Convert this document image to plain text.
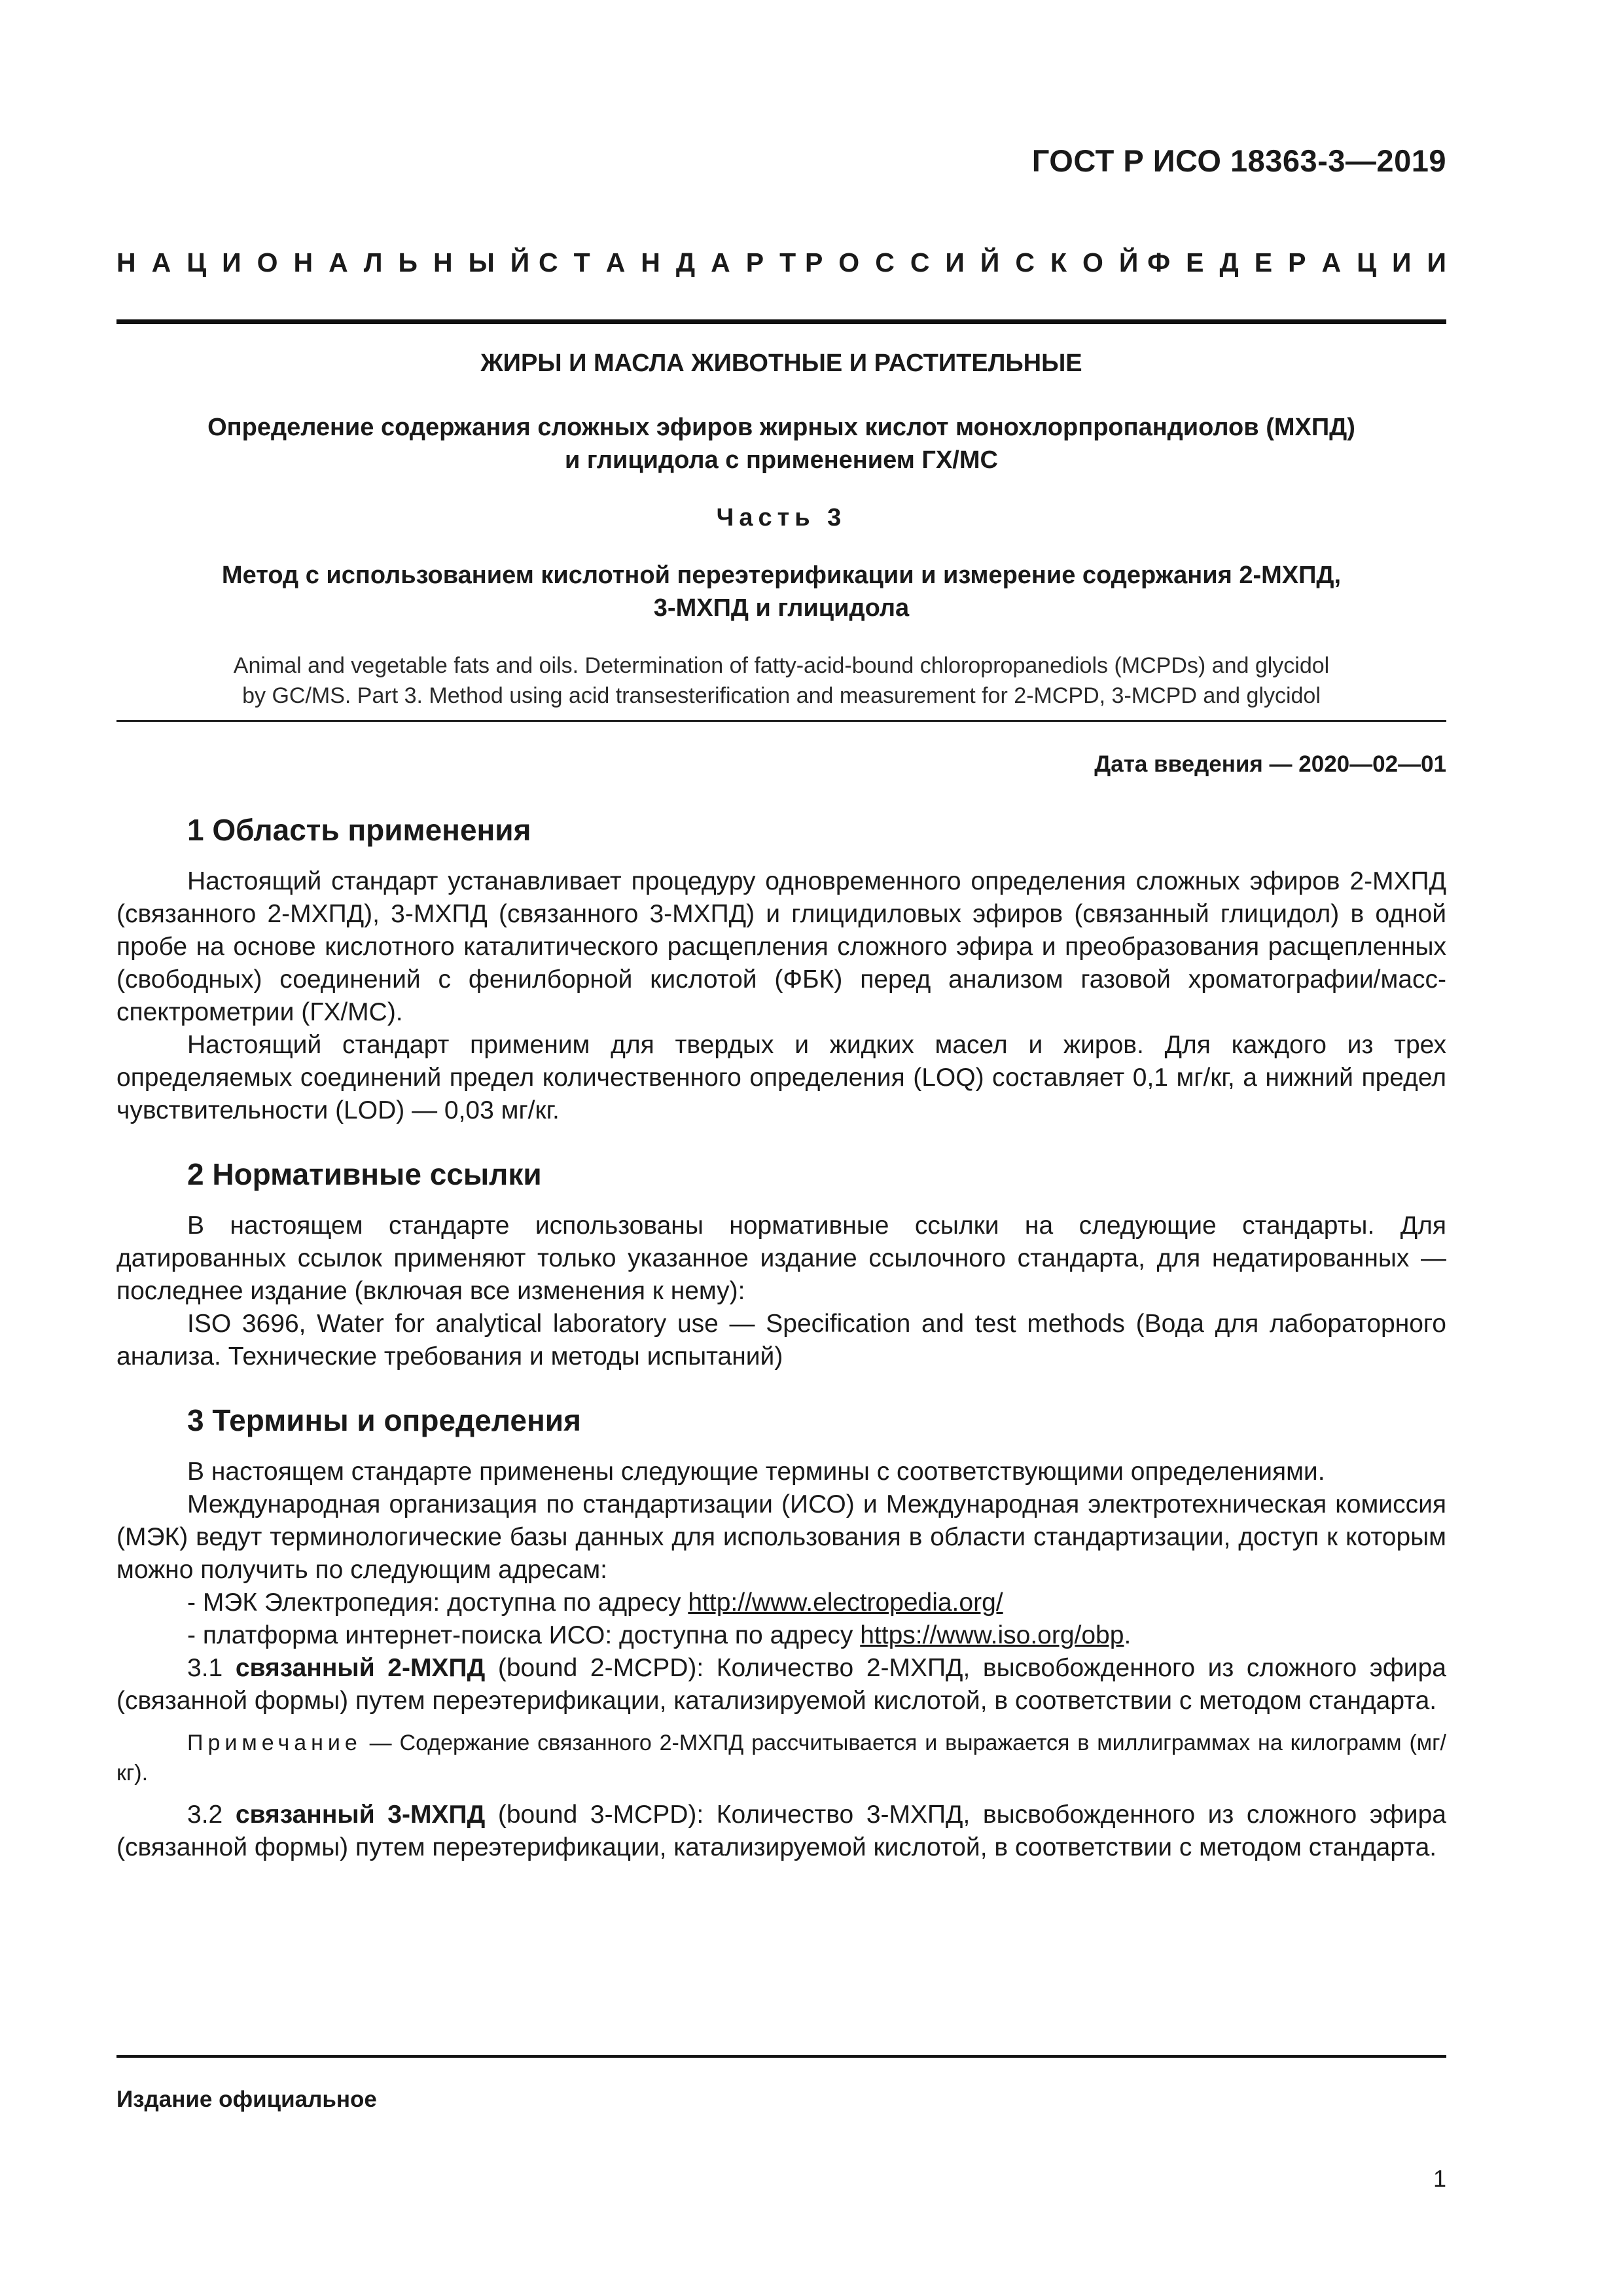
ГОСТ Р ИСО 18363-3—2019
Н А Ц И О Н А Л Ь Н Ы Й С Т А Н Д А Р Т Р О С С И Й С К О Й Ф Е Д Е Р А Ц И И
ЖИРЫ И МАСЛА ЖИВОТНЫЕ И РАСТИТЕЛЬНЫЕ
Определение содержания сложных эфиров жирных кислот монохлорпропандиолов (МХПД)
и глицидола с применением ГХ/МС
Часть 3
Метод с использованием кислотной переэтерификации и измерение содержания 2-МХПД,
3-МХПД и глицидола
Animal and vegetable fats and oils. Determination of fatty-acid-bound chloropropanediols (MCPDs) and glycidol
by GC/MS. Part 3. Method using acid transesterification and measurement for 2-MCPD, 3-MCPD and glycidol
Дата введения — 2020—02—01
1 Область применения

Настоящий стандарт устанавливает процедуру одновременного определения сложных эфиров 2-МХПД (связанного 2-МХПД), 3-МХПД (связанного 3-МХПД) и глицидиловых эфиров (связанный глицидол) в одной пробе на основе кислотного каталитического расщепления сложного эфира и преобразования расщепленных (свободных) соединений с фенилборной кислотой (ФБК) перед анализом газовой хроматографии/масс-спектрометрии (ГХ/МС).

Настоящий стандарт применим для твердых и жидких масел и жиров. Для каждого из трех определяемых соединений предел количественного определения (LOQ) составляет 0,1 мг/кг, а нижний предел чувствительности (LOD) — 0,03 мг/кг.

2 Нормативные ссылки

В настоящем стандарте использованы нормативные ссылки на следующие стандарты. Для датированных ссылок применяют только указанное издание ссылочного стандарта, для недатированных — последнее издание (включая все изменения к нему):

ISO 3696, Water for analytical laboratory use — Specification and test methods (Вода для лабораторного анализа. Технические требования и методы испытаний)

3 Термины и определения

В настоящем стандарте применены следующие термины с соответствующими определениями.

Международная организация по стандартизации (ИСО) и Международная электротехническая комиссия (МЭК) ведут терминологические базы данных для использования в области стандартизации, доступ к которым можно получить по следующим адресам:

- МЭК Электропедия: доступна по адресу http://www.electropedia.org/

- платформа интернет-поиска ИСО: доступна по адресу https://www.iso.org/obp.

3.1 связанный 2-МХПД (bound 2-MCPD): Количество 2-МХПД, высвобожденного из сложного эфира (связанной формы) путем переэтерификации, катализируемой кислотой, в соответствии с методом стандарта.

Примечание — Содержание связанного 2-МХПД рассчитывается и выражается в миллиграммах на килограмм (мг/кг).

3.2 связанный 3-МХПД (bound 3-MCPD): Количество 3-МХПД, высвобожденного из сложного эфира (связанной формы) путем переэтерификации, катализируемой кислотой, в соответствии с методом стандарта.

Издание официальное
1
